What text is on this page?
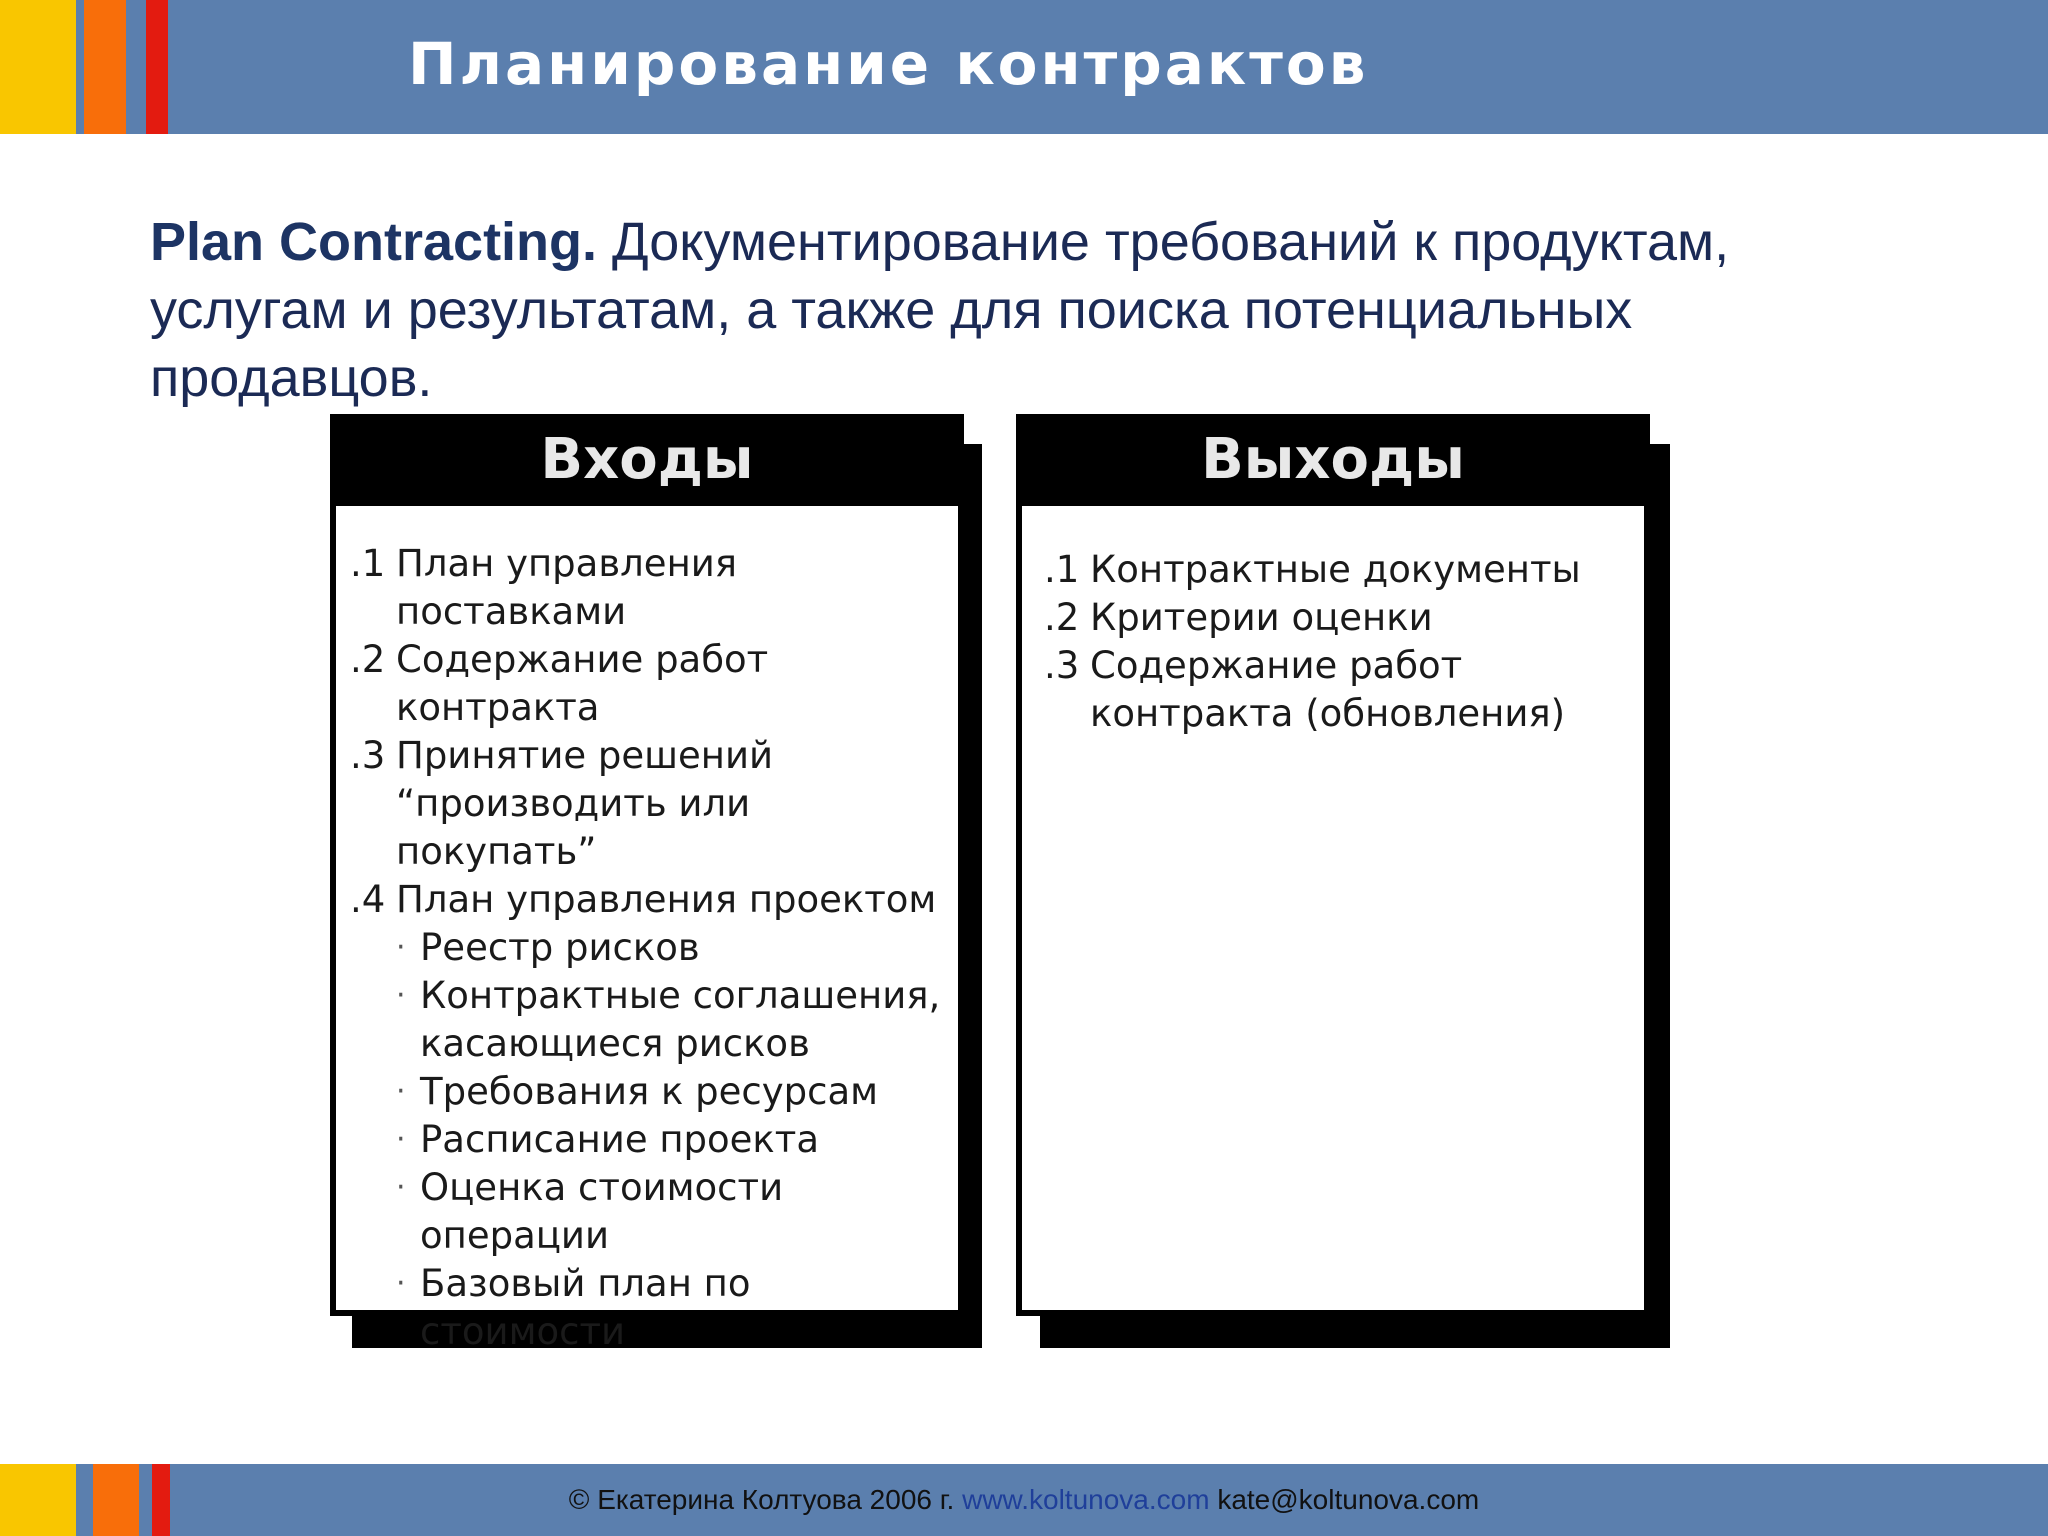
Планирование контрактов

Plan Contracting. Документирование требований к продуктам, услугам и результатам, а также для поиска потенциальных продавцов.

Входы
.1 План управления
поставками
.2 Содержание работ контракта
.3 Принятие решений
“производить или покупать”
.4 План управления проектом
· Реестр рисков
· Контрактные соглашения,
касающиеся рисков
· Требования к ресурсам
· Расписание проекта
· Оценка стоимости
операции
· Базовый план по стоимости
Выходы
.1 Контрактные документы
.2 Критерии оценки
.3 Содержание работ
контракта (обновления)
© Екатерина Колтуова 2006 г. www.koltunova.com kate@koltunova.com
